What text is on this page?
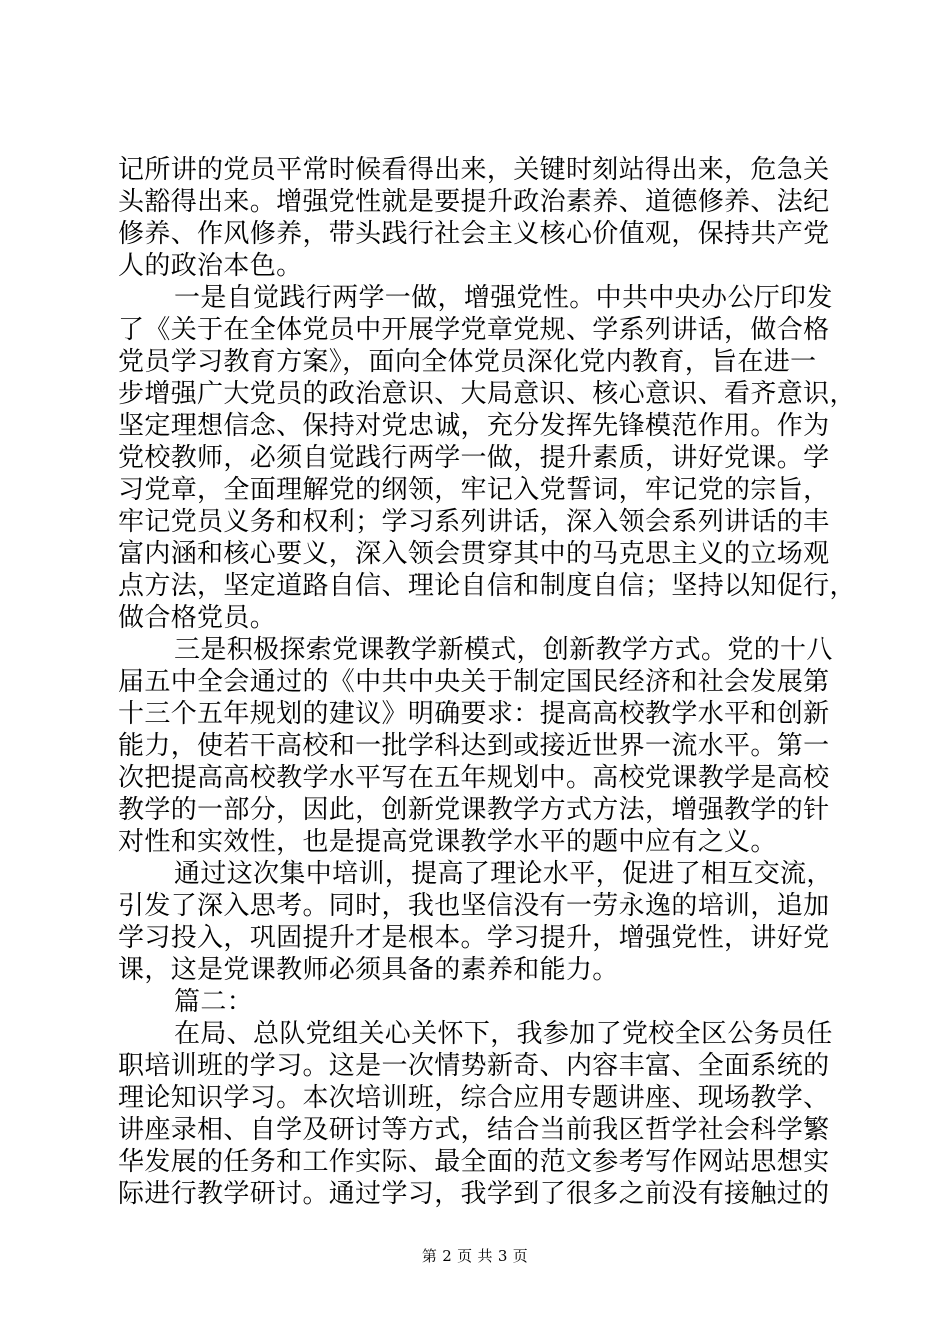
记所讲的党员平常时候看得出来，关键时刻站得出来，危急关
头豁得出来。增强党性就是要提升政治素养、道德修养、法纪
修养、作风修养，带头践行社会主义核心价值观，保持共产党
人的政治本色。
一是自觉践行两学一做，增强党性。中共中央办公厅印发
了《关于在全体党员中开展学党章党规、学系列讲话，做合格
党员学习教育方案》，面向全体党员深化党内教育，旨在进一
步增强广大党员的政治意识、大局意识、核心意识、看齐意识，
坚定理想信念、保持对党忠诚，充分发挥先锋模范作用。作为
党校教师，必须自觉践行两学一做，提升素质，讲好党课。学
习党章，全面理解党的纲领，牢记入党誓词，牢记党的宗旨，
牢记党员义务和权利；学习系列讲话，深入领会系列讲话的丰
富内涵和核心要义，深入领会贯穿其中的马克思主义的立场观
点方法，坚定道路自信、理论自信和制度自信；坚持以知促行，
做合格党员。
三是积极探索党课教学新模式，创新教学方式。党的十八
届五中全会通过的《中共中央关于制定国民经济和社会发展第
十三个五年规划的建议》明确要求：提高高校教学水平和创新
能力，使若干高校和一批学科达到或接近世界一流水平。第一
次把提高高校教学水平写在五年规划中。高校党课教学是高校
教学的一部分，因此，创新党课教学方式方法，增强教学的针
对性和实效性，也是提高党课教学水平的题中应有之义。
通过这次集中培训，提高了理论水平，促进了相互交流，
引发了深入思考。同时，我也坚信没有一劳永逸的培训，追加
学习投入，巩固提升才是根本。学习提升，增强党性，讲好党
课，这是党课教师必须具备的素养和能力。
篇二：
在局、总队党组关心关怀下，我参加了党校全区公务员任
职培训班的学习。这是一次情势新奇、内容丰富、全面系统的
理论知识学习。本次培训班，综合应用专题讲座、现场教学、
讲座录相、自学及研讨等方式，结合当前我区哲学社会科学繁
华发展的任务和工作实际、最全面的范文参考写作网站思想实
际进行教学研讨。通过学习，我学到了很多之前没有接触过的
第 2 页 共 3 页
